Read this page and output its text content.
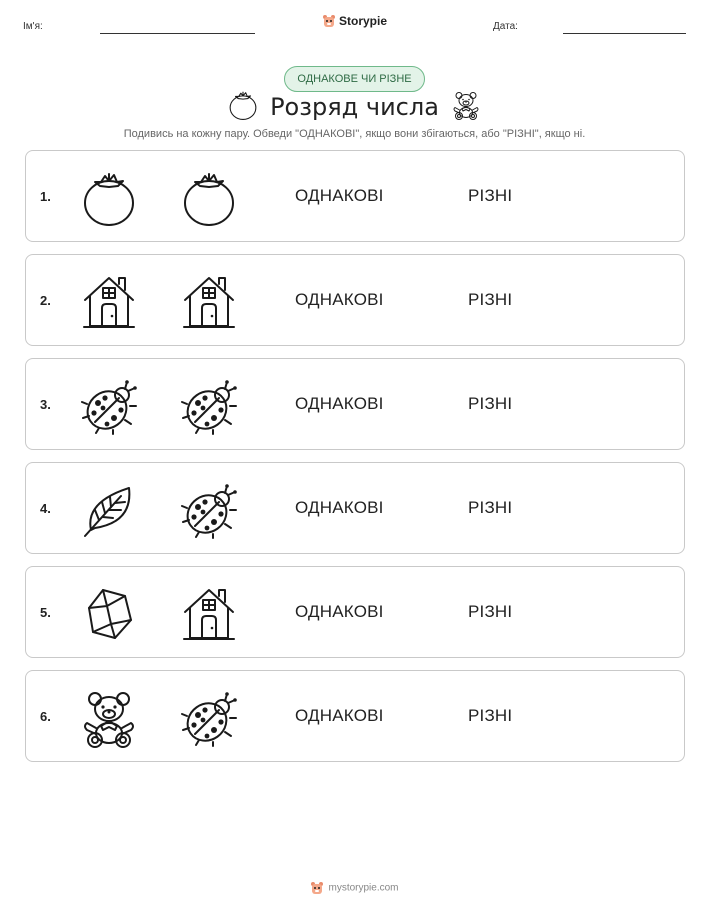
Ім'я:	Дата:
Storypie
ОДНАКОВЕ ЧИ РІЗНЕ
Розряд числа
Подивись на кожну пару. Обведи "ОДНАКОВІ", якщо вони збігаються, або "РІЗНІ", якщо ні.
1.	ОДНАКОВІ	РІЗНІ
2.	ОДНАКОВІ	РІЗНІ
3.	ОДНАКОВІ	РІЗНІ
4.	ОДНАКОВІ	РІЗНІ
5.	ОДНАКОВІ	РІЗНІ
6.	ОДНАКОВІ	РІЗНІ
mystorypie.com
